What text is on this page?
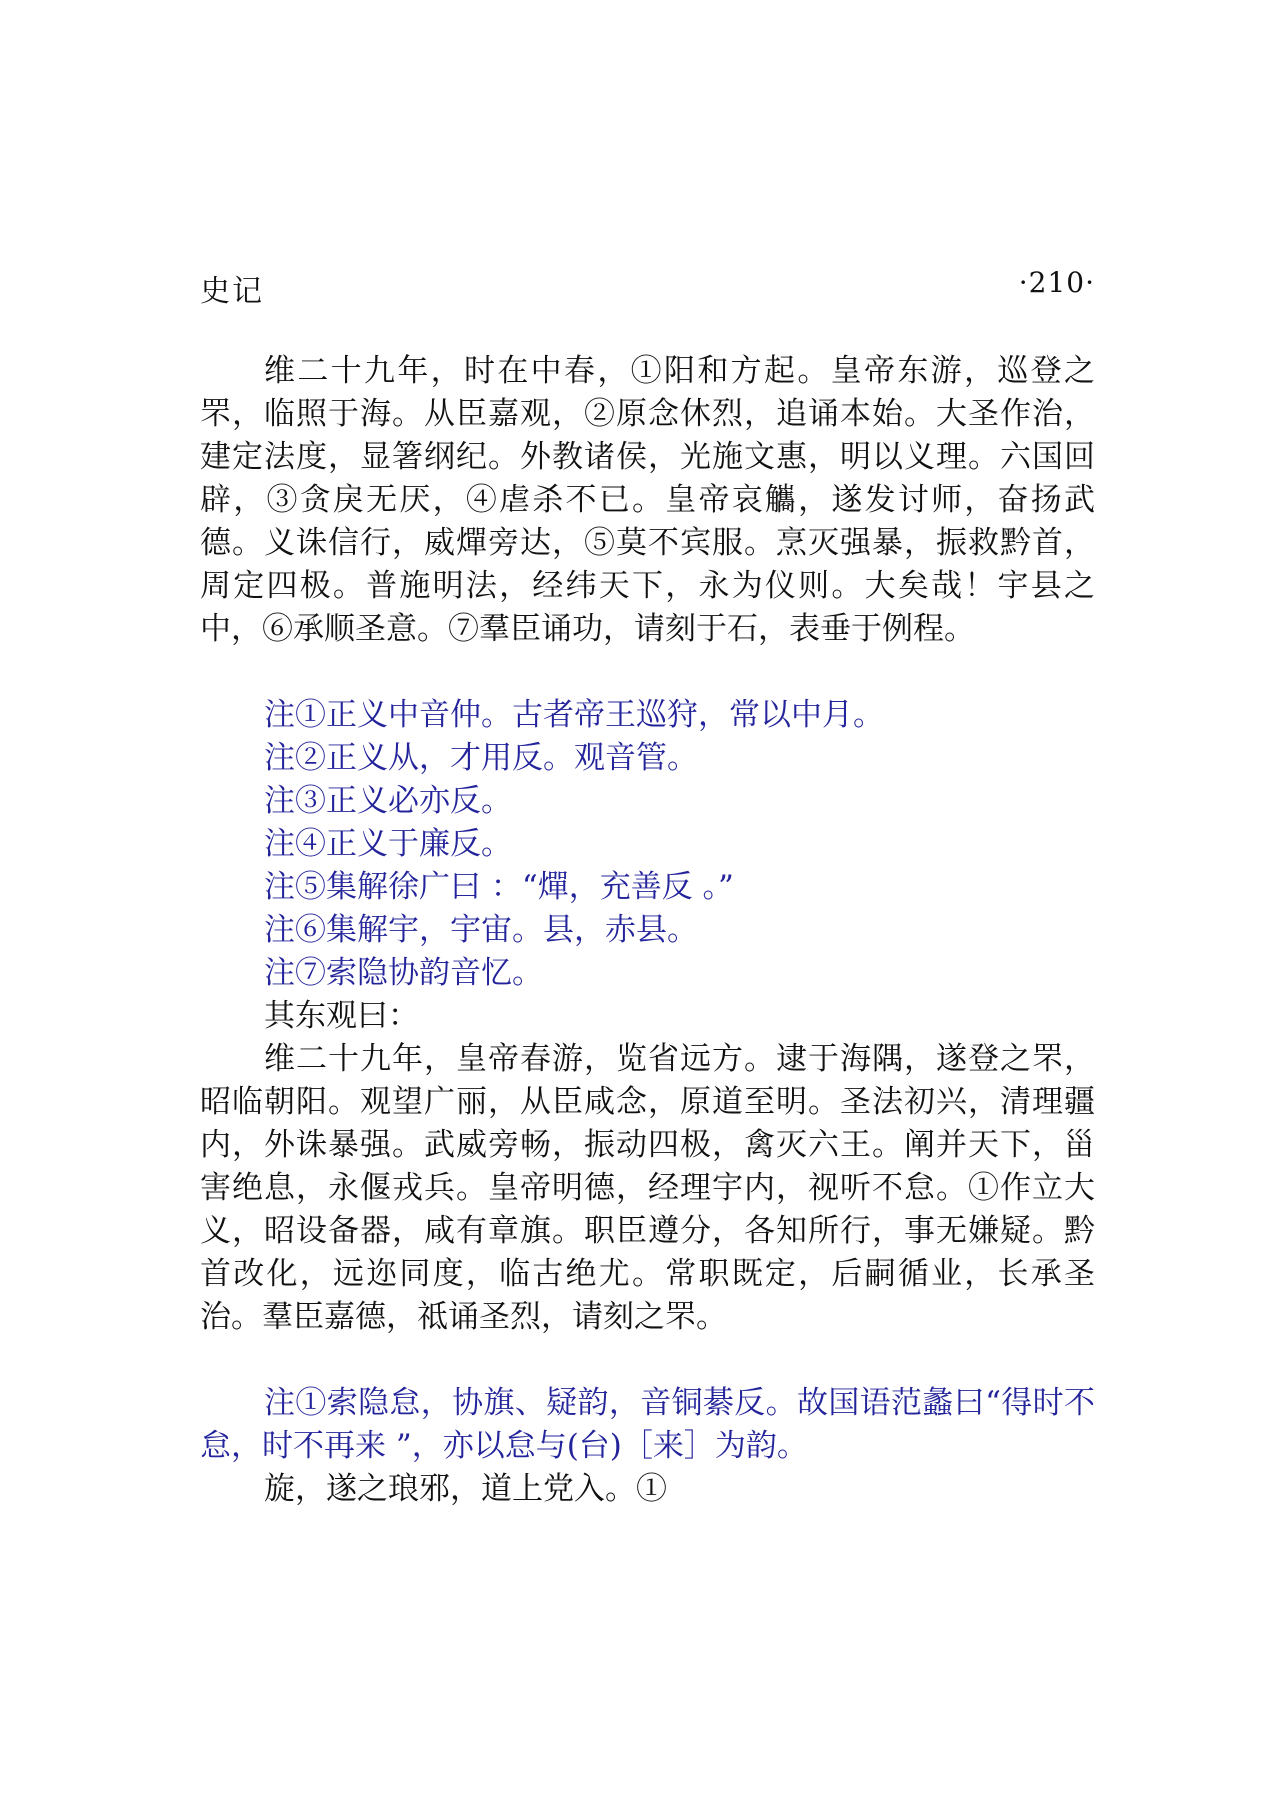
史记	·210·

维二十九年，时在中春，①阳和方起。皇帝东游，巡登之罘，临照于海。从臣嘉观，②原念休烈，追诵本始。大圣作治，建定法度，显箸纲纪。外教诸侯，光施文惠，明以义理。六国回辟，③贪戾无厌，④虐杀不已。皇帝哀觿，遂发讨师，奋扬武德。义诛信行，威燀旁达，⑤莫不宾服。烹灭强暴，振救黔首，周定四极。普施明法，经纬天下，永为仪则。大矣哉！宇县之中，⑥承顺圣意。⑦羣臣诵功，请刻于石，表垂于例程。

注①正义中音仲。古者帝王巡狩，常以中月。

注②正义从，才用反。观音管。

注③正义必亦反。

注④正义于廉反。

注⑤集解徐广曰 ：“燀，充善反 。”

注⑥集解宇，宇宙。县，赤县。

注⑦索隐协韵音忆。

其东观曰：

维二十九年，皇帝春游，览省远方。逮于海隅，遂登之罘，昭临朝阳。观望广丽，从臣咸念，原道至明。圣法初兴，清理疆内，外诛暴强。武威旁畅，振动四极，禽灭六王。阐并天下，甾害绝息，永偃戎兵。皇帝明德，经理宇内，视听不怠。①作立大义，昭设备器，咸有章旗。职臣遵分，各知所行，事无嫌疑。黔首改化，远迩同度，临古绝尤。常职既定，后嗣循业，长承圣治。羣臣嘉德，祗诵圣烈，请刻之罘。

注①索隐怠，协旗、疑韵，音铜綦反。故国语范蠡曰“得时不怠，时不再来 ”，亦以怠与(台)［来］为韵。

旋，遂之琅邪，道上党入。①
